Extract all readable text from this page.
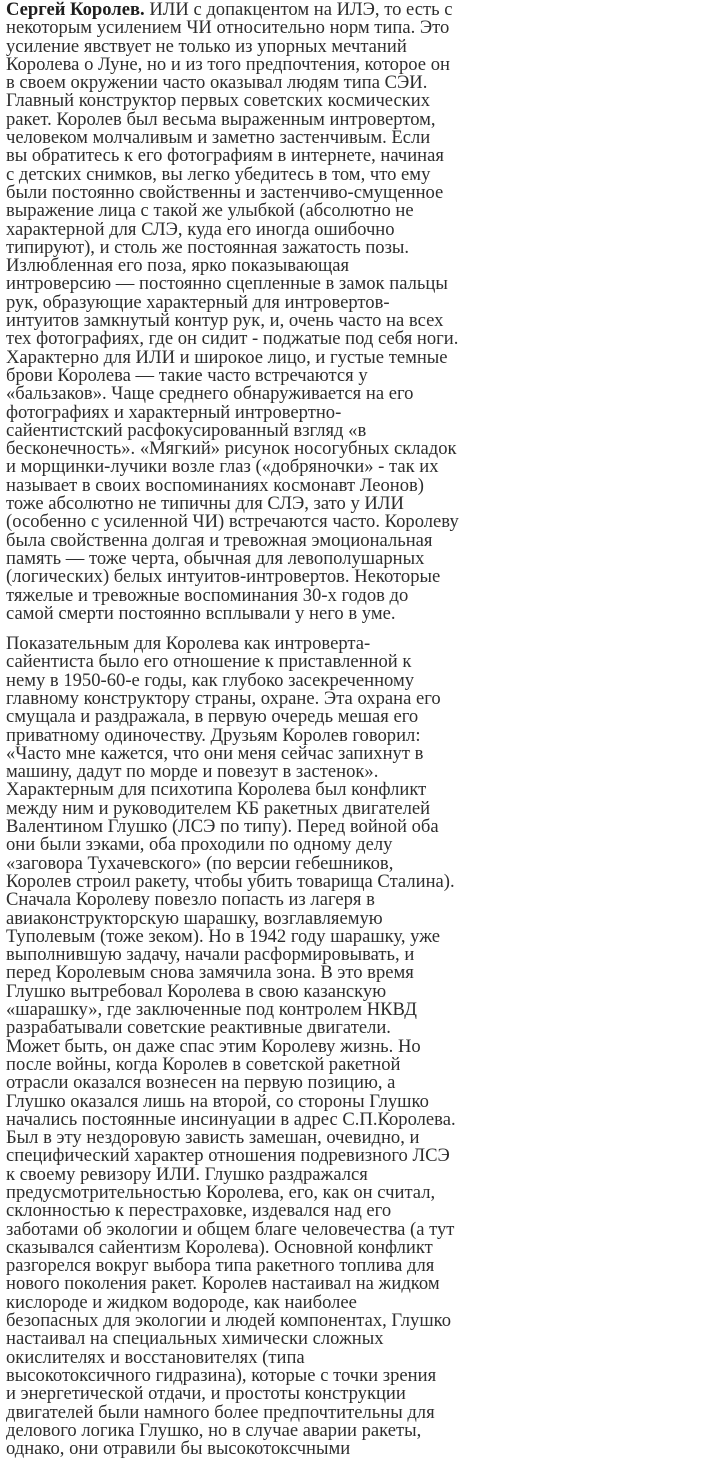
Сергей Королев. ИЛИ с допакцентом на ИЛЭ, то есть с
некоторым усилением ЧИ относительно норм типа. Это
усиление явствует не только из упорных мечтаний
Королева о Луне, но и из того предпочтения, которое он
в своем окружении часто оказывал людям типа СЭИ.
Главный конструктор первых советских космических
ракет. Королев был весьма выраженным интровертом,
человеком молчаливым и заметно застенчивым. Если
вы обратитесь к его фотографиям в интернете, начиная
с детских снимков, вы легко убедитесь в том, что ему
были постоянно свойственны и застенчиво-смущенное
выражение лица с такой же улыбкой (абсолютно не
характерной для СЛЭ, куда его иногда ошибочно
типируют), и столь же постоянная зажатость позы.
Излюбленная его поза, ярко показывающая
интроверсию — постоянно сцепленные в замок пальцы
рук, образующие характерный для интровертов-
интуитов замкнутый контур рук, и, очень часто на всех
тех фотографиях, где он сидит - поджатые под себя ноги.
Характерно для ИЛИ и широкое лицо, и густые темные
брови Королева — такие часто встречаются у
«бальзаков». Чаще среднего обнаруживается на его
фотографиях и характерный интровертно-
сайентистский расфокусированный взгляд «в
бесконечность». «Мягкий» рисунок носогубных складок
и морщинки-лучики возле глаз («добряночки» - так их
называет в своих воспоминаниях космонавт Леонов)
тоже абсолютно не типичны для СЛЭ, зато у ИЛИ
(особенно с усиленной ЧИ) встречаются часто. Королеву
была свойственна долгая и тревожная эмоциональная
память — тоже черта, обычная для левополушарных
(логических) белых интуитов-интровертов. Некоторые
тяжелые и тревожные воспоминания 30-х годов до
самой смерти постоянно всплывали у него в уме.
Показательным для Королева как интроверта-
сайентиста было его отношение к приставленной к
нему в 1950-60-е годы, как глубоко засекреченному
главному конструктору страны, охране. Эта охрана его
смущала и раздражала, в первую очередь мешая его
приватному одиночеству. Друзьям Королев говорил:
«Часто мне кажется, что они меня сейчас запихнут в
машину, дадут по морде и повезут в застенок».
Характерным для психотипа Королева был конфликт
между ним и руководителем КБ ракетных двигателей
Валентином Глушко (ЛСЭ по типу). Перед войной оба
они были зэками, оба проходили по одному делу
«заговора Тухачевского» (по версии гебешников,
Королев строил ракету, чтобы убить товарища Сталина).
Сначала Королеву повезло попасть из лагеря в
авиаконструкторскую шарашку, возглавляемую
Туполевым (тоже зеком). Но в 1942 году шарашку, уже
выполнившую задачу, начали расформировывать, и
перед Королевым снова замячила зона. В это время
Глушко вытребовал Королева в свою казанскую
«шарашку», где заключенные под контролем НКВД
разрабатывали советские реактивные двигатели.
Может быть, он даже спас этим Королеву жизнь. Но
после войны, когда Королев в советской ракетной
отрасли оказался вознесен на первую позицию, а
Глушко оказался лишь на второй, со стороны Глушко
начались постоянные инсинуации в адрес С.П.Королева.
Был в эту нездоровую зависть замешан, очевидно, и
специфический характер отношения подревизного ЛСЭ
к своему ревизору ИЛИ. Глушко раздражался
предусмотрительностью Королева, его, как он считал,
склонностью к перестраховке, издевался над его
заботами об экологии и общем благе человечества (а тут
сказывался сайентизм Королева). Основной конфликт
разгорелся вокруг выбора типа ракетного топлива для
нового поколения ракет. Королев настаивал на жидком
кислороде и жидком водороде, как наиболее
безопасных для экологии и людей компонентах, Глушко
настаивал на специальных химически сложных
окислителях и восстановителях (типа
высокотоксичного гидразина), которые с точки зрения
и энергетической отдачи, и простоты конструкции
двигателей были намного более предпочтительны для
делового логика Глушко, но в случае аварии ракеты,
однако, они отравили бы высокотоксчными
